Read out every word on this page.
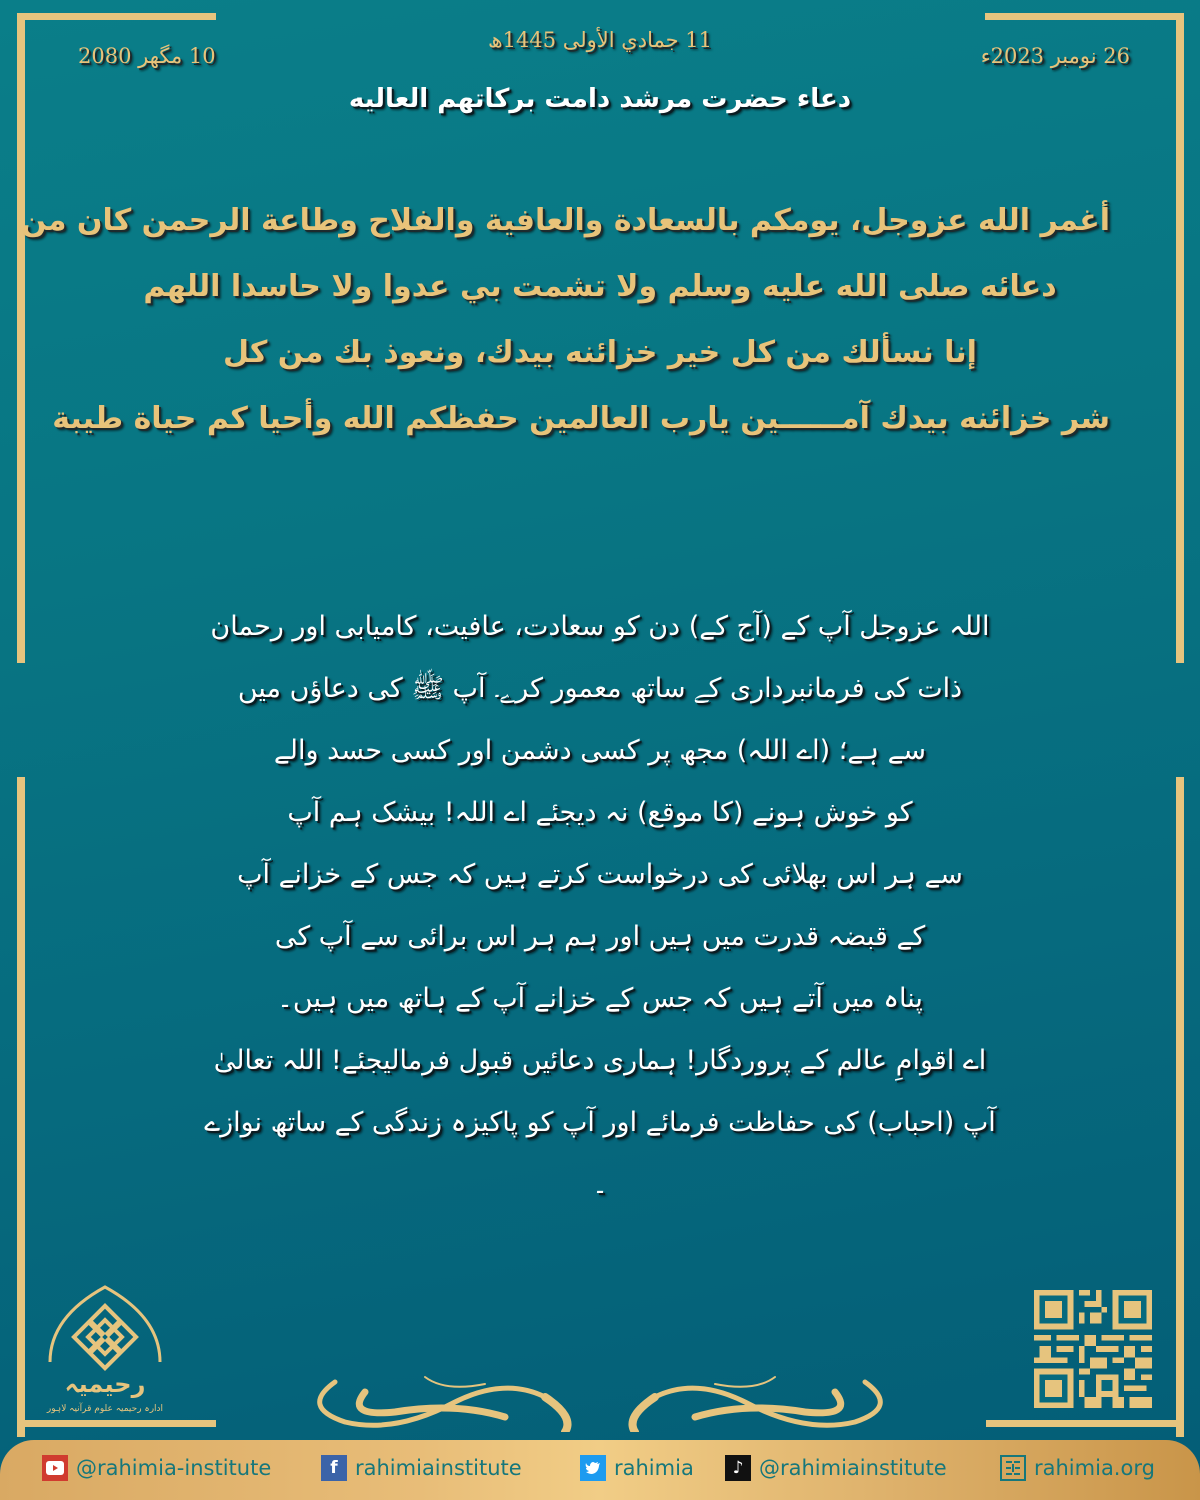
10 مگھر 2080
11 جمادي الأولى 1445ھ
26 نومبر 2023ء
دعاء حضرت مرشد دامت برکاتهم العالیه
أغمر الله عزوجل، يومكم بالسعادة والعافية والفلاح وطاعة الرحمن كان من
دعائه صلى الله عليه وسلم ولا تشمت بي عدوا ولا حاسدا اللهم
إنا نسألك من كل خير خزائنه بيدك، ونعوذ بك من كل
شر خزائنه بيدك آمــــــين يارب العالمين حفظكم الله وأحيا كم حياة طيبة
اللہ عزوجل آپ کے (آج کے) دن کو سعادت، عافیت، کامیابی اور رحمان
ذات کی فرمانبرداری کے ساتھ معمور کرے۔ آپ ﷺ کی دعاؤں میں
سے ہے؛ (اے اللہ) مجھ پر کسی دشمن اور کسی حسد والے
کو خوش ہونے (کا موقع) نہ دیجئے اے اللہ! بیشک ہم آپ
سے ہر اس بھلائی کی درخواست کرتے ہیں کہ جس کے خزانے آپ
کے قبضہ قدرت میں ہیں اور ہم ہر اس برائی سے آپ کی
پناہ میں آتے ہیں کہ جس کے خزانے آپ کے ہاتھ میں ہیں۔
اے اقوامِ عالم کے پروردگار! ہماری دعائیں قبول فرمالیجئے! اللہ تعالیٰ
آپ (احباب) کی حفاظت فرمائے اور آپ کو پاکیزہ زندگی کے ساتھ نوازے
۔
رحیمیہ
ادارہ رحیمیہ علوم قرآنیہ لاہور
@rahimia-institute	f rahimiainstitute	rahimia	♪ @rahimiainstitute	rahimia.org
